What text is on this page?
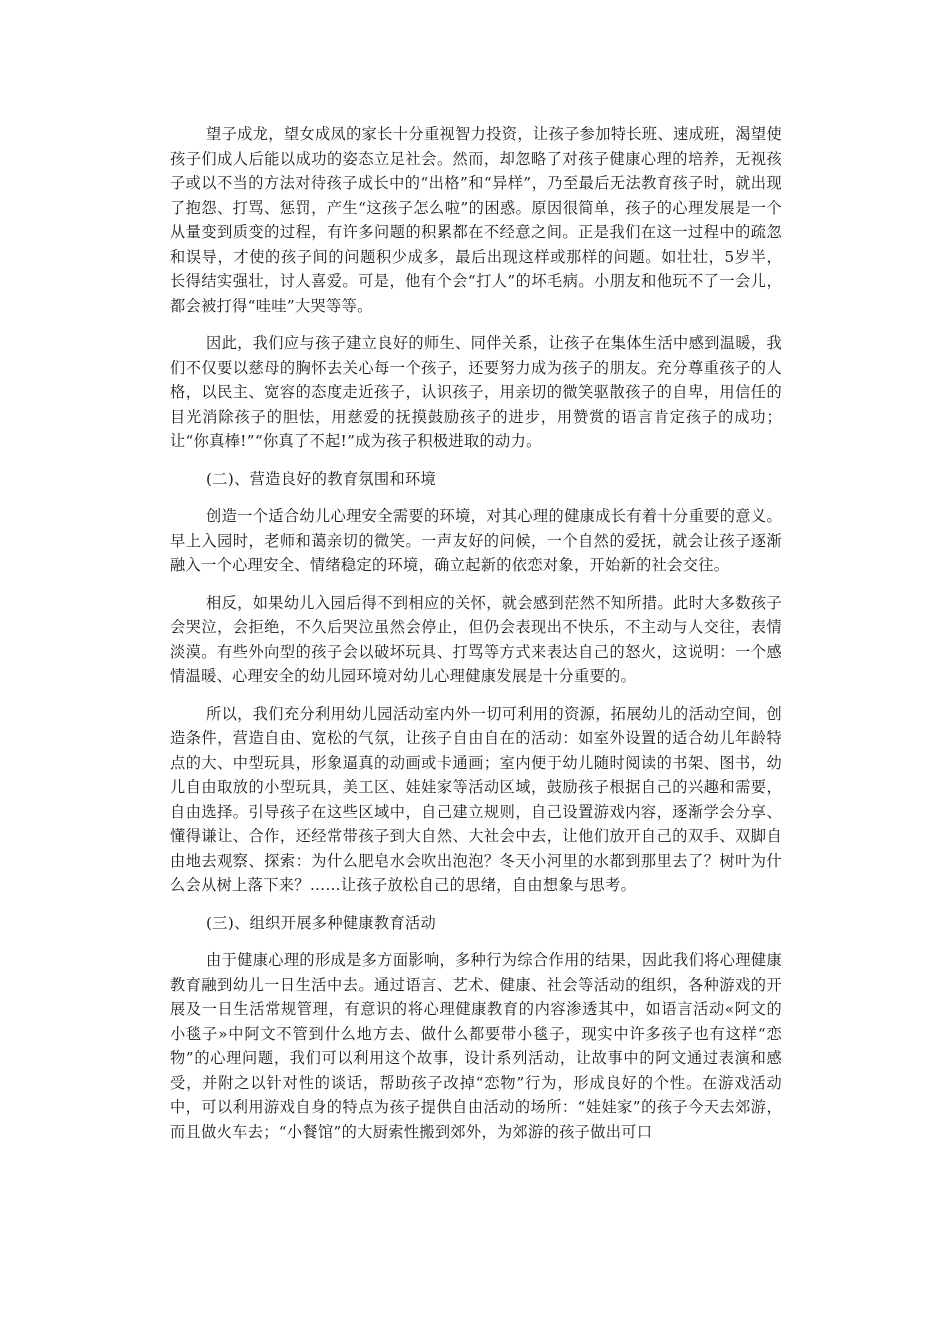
望子成龙，望女成凤的家长十分重视智力投资，让孩子参加特长班、速成班，渴望使孩子们成人后能以成功的姿态立足社会。然而，却忽略了对孩子健康心理的培养，无视孩子或以不当的方法对待孩子成长中的“出格”和“异样”，乃至最后无法教育孩子时，就出现了抱怨、打骂、惩罚，产生“这孩子怎么啦”的困惑。原因很简单，孩子的心理发展是一个从量变到质变的过程，有许多问题的积累都在不经意之间。正是我们在这一过程中的疏忽和误导，才使的孩子间的问题积少成多，最后出现这样或那样的问题。如壮壮，5岁半，长得结实强壮，讨人喜爱。可是，他有个会“打人”的坏毛病。小朋友和他玩不了一会儿，都会被打得“哇哇”大哭等等。

因此，我们应与孩子建立良好的师生、同伴关系，让孩子在集体生活中感到温暖，我们不仅要以慈母的胸怀去关心每一个孩子，还要努力成为孩子的朋友。充分尊重孩子的人格，以民主、宽容的态度走近孩子，认识孩子，用亲切的微笑驱散孩子的自卑，用信任的目光消除孩子的胆怯，用慈爱的抚摸鼓励孩子的进步，用赞赏的语言肯定孩子的成功；让“你真棒!”“你真了不起!”成为孩子积极进取的动力。

(二)、营造良好的教育氛围和环境

创造一个适合幼儿心理安全需要的环境，对其心理的健康成长有着十分重要的意义。早上入园时，老师和蔼亲切的微笑。一声友好的问候，一个自然的爱抚，就会让孩子逐渐融入一个心理安全、情绪稳定的环境，确立起新的依恋对象，开始新的社会交往。

相反，如果幼儿入园后得不到相应的关怀，就会感到茫然不知所措。此时大多数孩子会哭泣，会拒绝，不久后哭泣虽然会停止，但仍会表现出不快乐，不主动与人交往，表情淡漠。有些外向型的孩子会以破坏玩具、打骂等方式来表达自己的怒火，这说明：一个感情温暖、心理安全的幼儿园环境对幼儿心理健康发展是十分重要的。

所以，我们充分利用幼儿园活动室内外一切可利用的资源，拓展幼儿的活动空间，创造条件，营造自由、宽松的气氛，让孩子自由自在的活动：如室外设置的适合幼儿年龄特点的大、中型玩具，形象逼真的动画或卡通画；室内便于幼儿随时阅读的书架、图书，幼儿自由取放的小型玩具，美工区、娃娃家等活动区域，鼓励孩子根据自己的兴趣和需要，自由选择。引导孩子在这些区域中，自己建立规则，自己设置游戏内容，逐渐学会分享、懂得谦让、合作，还经常带孩子到大自然、大社会中去，让他们放开自己的双手、双脚自由地去观察、探索：为什么肥皂水会吹出泡泡？冬天小河里的水都到那里去了？树叶为什么会从树上落下来？……让孩子放松自己的思绪，自由想象与思考。

(三)、组织开展多种健康教育活动

由于健康心理的形成是多方面影响，多种行为综合作用的结果，因此我们将心理健康教育融到幼儿一日生活中去。通过语言、艺术、健康、社会等活动的组织，各种游戏的开展及一日生活常规管理，有意识的将心理健康教育的内容渗透其中，如语言活动«阿文的小毯子»中阿文不管到什么地方去、做什么都要带小毯子，现实中许多孩子也有这样“恋物”的心理问题，我们可以利用这个故事，设计系列活动，让故事中的阿文通过表演和感受，并附之以针对性的谈话，帮助孩子改掉“恋物”行为，形成良好的个性。在游戏活动中，可以利用游戏自身的特点为孩子提供自由活动的场所：“娃娃家”的孩子今天去郊游，而且做火车去；“小餐馆”的大厨索性搬到郊外，为郊游的孩子做出可口
